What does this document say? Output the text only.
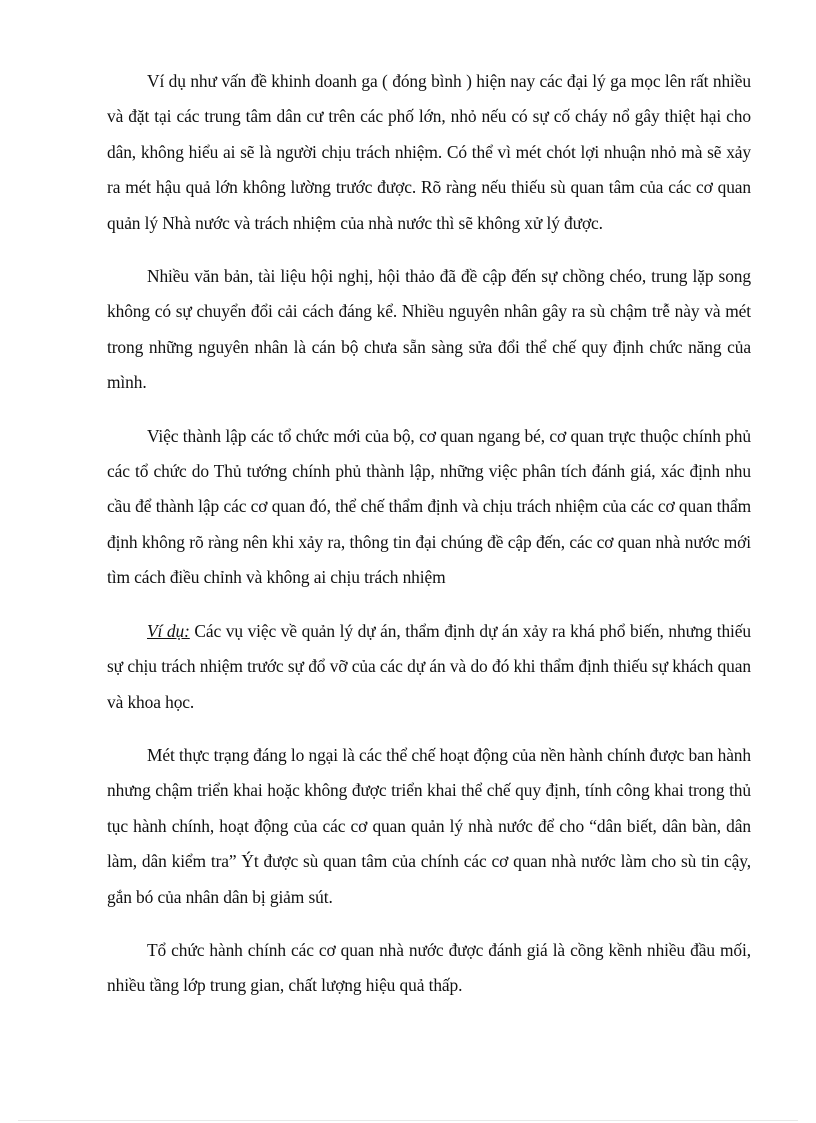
Ví dụ như vấn đề khinh doanh ga ( đóng bình ) hiện nay các đại lý ga mọc lên rất nhiều và đặt tại các trung tâm dân cư trên các phố lớn, nhỏ nếu có sự cố cháy nổ gây thiệt hại cho dân, không hiểu ai sẽ là người chịu trách nhiệm. Có thể vì mét chót lợi nhuận nhỏ mà sẽ xảy ra mét hậu quả lớn không lường trước được. Rõ ràng nếu thiếu sù quan tâm của các cơ quan quản lý Nhà nước và trách nhiệm của nhà nước thì sẽ không xử lý được.

Nhiều văn bản, tài liệu hội nghị, hội thảo đã đề cập đến sự chồng chéo, trung lặp song không có sự chuyển đổi cải cách đáng kể. Nhiều nguyên nhân gây ra sù chậm trễ này và mét trong những nguyên nhân là cán bộ chưa sẵn sàng sửa đổi thể chế quy định chức năng của mình.

Việc thành lập các tổ chức mới của bộ, cơ quan ngang bé, cơ quan trực thuộc chính phủ các tổ chức do Thủ tướng chính phủ thành lập, những việc phân tích đánh giá, xác định nhu cầu để thành lập các cơ quan đó, thể chế thẩm định và chịu trách nhiệm của các cơ quan thẩm định không rõ ràng nên khi xảy ra, thông tin đại chúng đề cập đến, các cơ quan nhà nước mới tìm cách điều chỉnh và không ai chịu trách nhiệm

Ví dụ: Các vụ việc về quản lý dự án, thẩm định dự án xảy ra khá phổ biến, nhưng thiếu sự chịu trách nhiệm trước sự đổ vỡ của các dự án và do đó khi thẩm định thiếu sự khách quan và khoa học.

Mét thực trạng đáng lo ngại là các thể chế hoạt động của nền hành chính được ban hành nhưng chậm triển khai hoặc không được triển khai thể chế quy định, tính công khai trong thủ tục hành chính, hoạt động của các cơ quan quản lý nhà nước để cho “dân biết, dân bàn, dân làm, dân kiểm tra” Ýt được sù quan tâm của chính các cơ quan nhà nước làm cho sù tin cậy, gắn bó của nhân dân bị giảm sút.

Tổ chức hành chính các cơ quan nhà nước được đánh giá là cồng kềnh nhiều đầu mối, nhiều tầng lớp trung gian, chất lượng hiệu quả thấp.
